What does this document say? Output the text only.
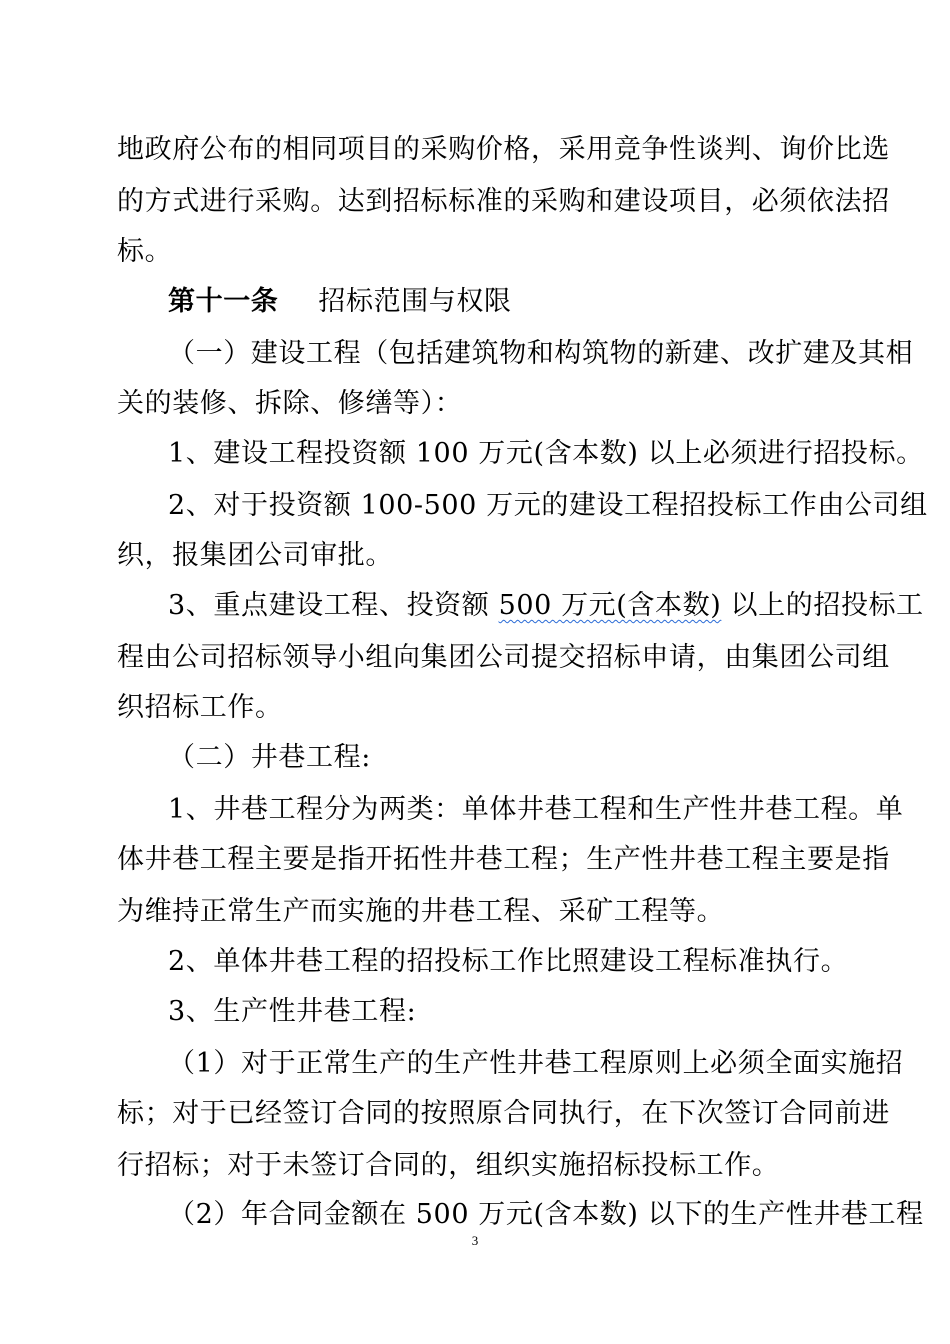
地政府公布的相同项目的采购价格，采用竞争性谈判、询价比选
的方式进行采购。达到招标标准的采购和建设项目，必须依法招
标。
第十一条 招标范围与权限
（一）建设工程（包括建筑物和构筑物的新建、改扩建及其相
关的装修、拆除、修缮等）：
1、建设工程投资额 100 万元(含本数) 以上必须进行招投标。
2、对于投资额 100-500 万元的建设工程招投标工作由公司组
织，报集团公司审批。
3、重点建设工程、投资额 500 万元(含本数) 以上的招投标工
程由公司招标领导小组向集团公司提交招标申请，由集团公司组
织招标工作。
（二）井巷工程:
1、井巷工程分为两类：单体井巷工程和生产性井巷工程。单
体井巷工程主要是指开拓性井巷工程；生产性井巷工程主要是指
为维持正常生产而实施的井巷工程、采矿工程等。
2、单体井巷工程的招投标工作比照建设工程标准执行。
3、生产性井巷工程:
（1）对于正常生产的生产性井巷工程原则上必须全面实施招
标；对于已经签订合同的按照原合同执行，在下次签订合同前进
行招标；对于未签订合同的，组织实施招标投标工作。
（2）年合同金额在 500 万元(含本数) 以下的生产性井巷工程
3
